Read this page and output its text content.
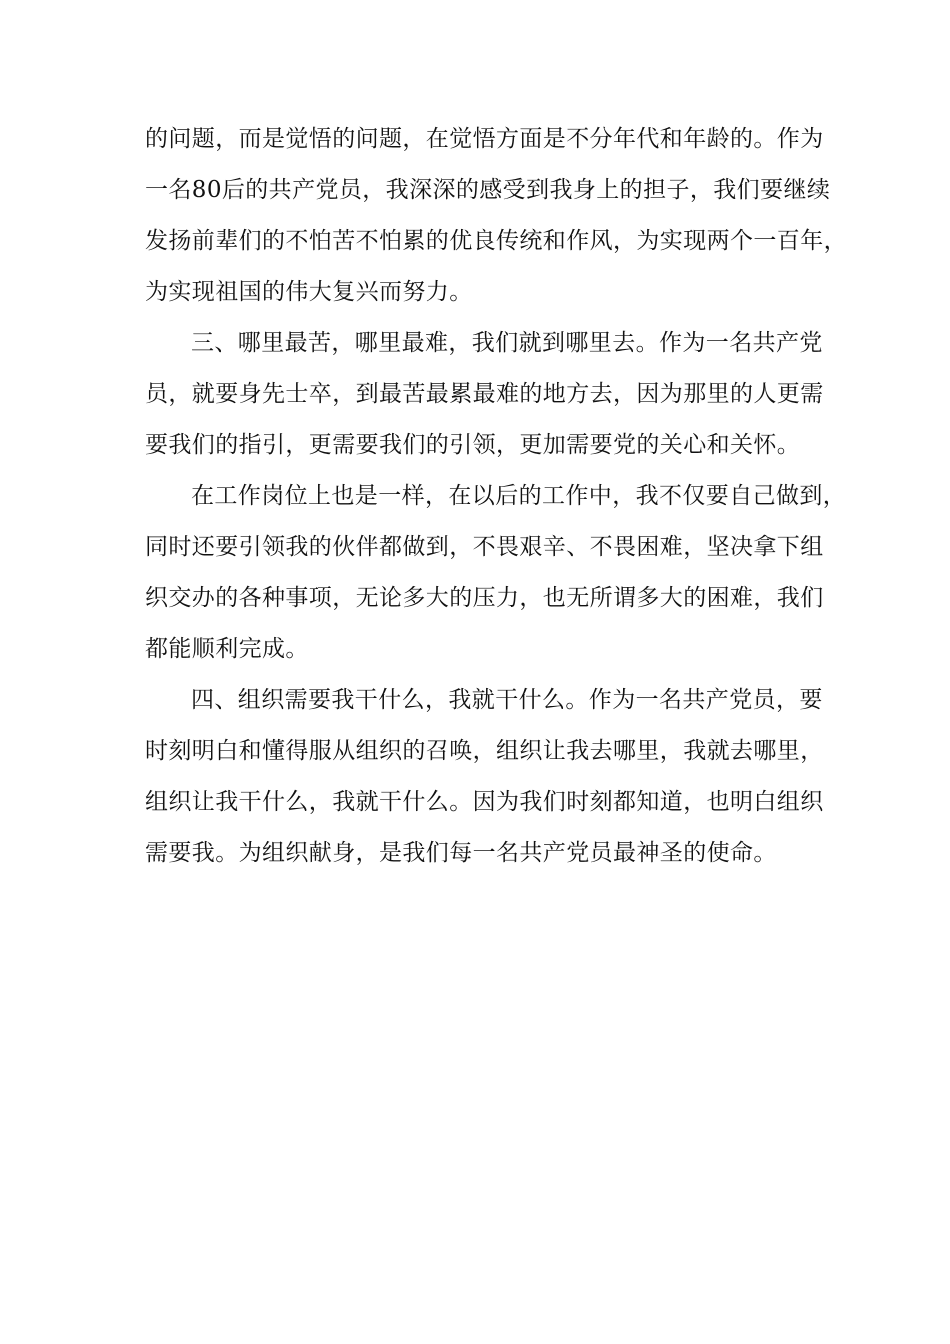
的问题，而是觉悟的问题，在觉悟方面是不分年代和年龄的。作为
一名80后的共产党员，我深深的感受到我身上的担子，我们要继续
发扬前辈们的不怕苦不怕累的优良传统和作风，为实现两个一百年，
为实现祖国的伟大复兴而努力。
三、哪里最苦，哪里最难，我们就到哪里去。作为一名共产党
员，就要身先士卒，到最苦最累最难的地方去，因为那里的人更需
要我们的指引，更需要我们的引领，更加需要党的关心和关怀。
在工作岗位上也是一样，在以后的工作中，我不仅要自己做到，
同时还要引领我的伙伴都做到，不畏艰辛、不畏困难，坚决拿下组
织交办的各种事项，无论多大的压力，也无所谓多大的困难，我们
都能顺利完成。
四、组织需要我干什么，我就干什么。作为一名共产党员，要
时刻明白和懂得服从组织的召唤，组织让我去哪里，我就去哪里，
组织让我干什么，我就干什么。因为我们时刻都知道，也明白组织
需要我。为组织献身，是我们每一名共产党员最神圣的使命。
